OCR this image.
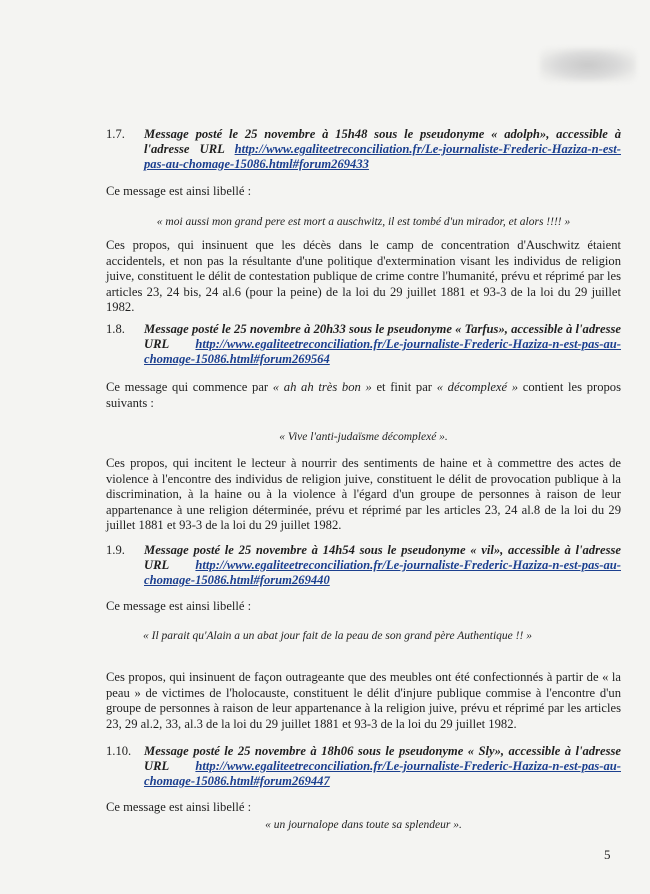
1.7. Message posté le 25 novembre à 15h48 sous le pseudonyme « adolph», accessible à l'adresse URL http://www.egaliteetreconciliation.fr/Le-journaliste-Frederic-Haziza-n-est-pas-au-chomage-15086.html#forum269433
Ce message est ainsi libellé :
« moi aussi mon grand pere est mort a auschwitz, il est tombé d'un mirador, et alors !!!! »
Ces propos, qui insinuent que les décès dans le camp de concentration d'Auschwitz étaient accidentels, et non pas la résultante d'une politique d'extermination visant les individus de religion juive, constituent le délit de contestation publique de crime contre l'humanité, prévu et réprimé par les articles 23, 24 bis, 24 al.6 (pour la peine) de la loi du 29 juillet 1881 et 93-3 de la loi du 29 juillet 1982.
1.8. Message posté le 25 novembre à 20h33 sous le pseudonyme « Tarfus», accessible à l'adresse URL http://www.egaliteetreconciliation.fr/Le-journaliste-Frederic-Haziza-n-est-pas-au-chomage-15086.html#forum269564
Ce message qui commence par « ah ah très bon » et finit par « décomplexé » contient les propos suivants :
« Vive l'anti-judaïsme décomplexé ».
Ces propos, qui incitent le lecteur à nourrir des sentiments de haine et à commettre des actes de violence à l'encontre des individus de religion juive, constituent le délit de provocation publique à la discrimination, à la haine ou à la violence à l'égard d'un groupe de personnes à raison de leur appartenance à une religion déterminée, prévu et réprimé par les articles 23, 24 al.8 de la loi du 29 juillet 1881 et 93-3 de la loi du 29 juillet 1982.
1.9. Message posté le 25 novembre à 14h54 sous le pseudonyme « vil», accessible à l'adresse URL http://www.egaliteetreconciliation.fr/Le-journaliste-Frederic-Haziza-n-est-pas-au-chomage-15086.html#forum269440
Ce message est ainsi libellé :
« Il parait qu'Alain a un abat jour fait de la peau de son grand père Authentique !! »
Ces propos, qui insinuent de façon outrageante que des meubles ont été confectionnés à partir de « la peau » de victimes de l'holocauste, constituent le délit d'injure publique commise à l'encontre d'un groupe de personnes à raison de leur appartenance à la religion juive, prévu et réprimé par les articles 23, 29 al.2, 33, al.3 de la loi du 29 juillet 1881 et 93-3 de la loi du 29 juillet 1982.
1.10. Message posté le 25 novembre à 18h06 sous le pseudonyme « Sly», accessible à l'adresse URL http://www.egaliteetreconciliation.fr/Le-journaliste-Frederic-Haziza-n-est-pas-au-chomage-15086.html#forum269447
Ce message est ainsi libellé :
« un journalope dans toute sa splendeur ».
5
